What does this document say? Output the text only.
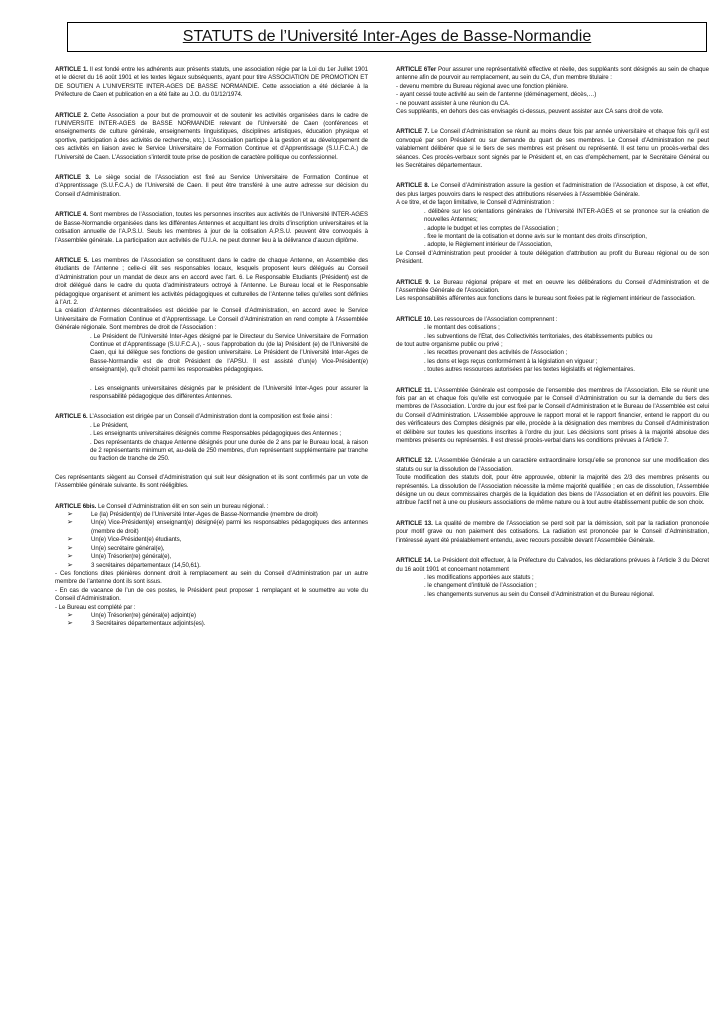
STATUTS de l’Université Inter-Ages de Basse-Normandie

ARTICLE 1. Il est fondé entre les adhérents aux présents statuts, une association régie par la Loi du 1er Juillet 1901 et le décret du 16 août 1901 et les textes légaux subséquents, ayant pour titre ASSOCIATION DE PROMOTION ET DE SOUTIEN A L’UNIVERSITE INTER-AGES DE BASSE NORMANDIE. Cette association a été déclarée à la Préfecture de Caen et publication en a été faite au J.O. du 01/12/1974.

ARTICLE 2. Cette Association a pour but de promouvoir et de soutenir les activités organisées dans le cadre de l’UNIVERSITE INTER-AGES de BASSE NORMANDIE relevant de l’Université de Caen (conférences et enseignements de culture générale, enseignements linguistiques, disciplines artistiques, éducation physique et sportive, participation à des activités de recherche, etc.). L’Association participe à la gestion et au développement de ces activités en liaison avec le Service Universitaire de Formation Continue et d’Apprentissage (S.U.F.C.A.) de l’Université de Caen. L’Association s’interdit toute prise de position de caractère politique ou confessionnel.

ARTICLE 3. Le siège social de l’Association est fixé au Service Universitaire de Formation Continue et d’Apprentissage (S.U.F.C.A.) de l’Université de Caen. Il peut être transféré à une autre adresse sur décision du Conseil d’Administration.

ARTICLE 4. Sont membres de l’Association, toutes les personnes inscrites aux activités de l’Université INTER-AGES de Basse-Normandie organisées dans les différentes Antennes et acquittant les droits d’inscription universitaires et la cotisation annuelle de l’A.P.S.U. Seuls les membres à jour de la cotisation A.P.S.U. peuvent être convoqués à l’Assemblée générale. La participation aux activités de l’U.I.A. ne peut donner lieu à la délivrance d’aucun diplôme.

ARTICLE 5. Les membres de l’Association se constituent dans le cadre de chaque Antenne, en Assemblée des étudiants de l’Antenne ; celle-ci élit ses responsables locaux, lesquels proposent leurs délégués au Conseil d’Administration pour un mandat de deux ans en accord avec l’art. 6. Le Responsable Etudiants (Président) est de droit délégué dans le cadre du quota d’administrateurs octroyé à l’Antenne. Le Bureau local et le Responsable pédagogique organisent et animent les activités pédagogiques et culturelles de l’Antenne telles qu’elles sont définies à l’Art. 2.

La création d’Antennes décentralisées est décidée par le Conseil d’Administration, en accord avec le Service Universitaire de Formation Continue et d’Apprentissage. Le Conseil d’Administration en rend compte à l’Assemblée Générale régionale. Sont membres de droit de l’Association :

. Le Président de l’Université Inter-Ages désigné par le Directeur du Service Universitaire de Formation Continue et d’Apprentissage (S.U.F.C.A.), - sous l’approbation du (de la) Président (e) de l’Université de Caen, qui lui délègue ses fonctions de gestion universitaire. Le Président de l’Université Inter-Ages de Basse-Normandie est de droit Président de l’APSU. Il est assisté d’un(e) Vice-Président(e) enseignant(e), qu’il choisit parmi les responsables pédagogiques.

. Les enseignants universitaires désignés par le président de l’Université Inter-Ages pour assurer la responsabilité pédagogique des différentes Antennes.

ARTICLE 6. L’Association est dirigée par un Conseil d’Administration dont la composition est fixée ainsi :

. Le Président,

. Les enseignants universitaires désignés comme Responsables pédagogiques des Antennes ;

. Des représentants de chaque Antenne désignés pour une durée de 2 ans par le Bureau local, à raison de 2 représentants minimum et, au-delà de 250 membres, d’un représentant supplémentaire par tranche ou fraction de tranche de 250.

Ces représentants siègent au Conseil d’Administration qui suit leur désignation et ils sont confirmés par un vote de l’Assemblée générale suivante. Ils sont rééligibles.

ARTICLE 6bis. Le Conseil d’Administration élit en son sein un bureau régional. :

➢	Le (la) Président(e) de l’Université Inter-Ages de Basse-Normandie (membre de droit)

➢	Un(e) Vice-Président(e) enseignant(e) désigné(e) parmi les responsables pédagogiques des antennes (membre de droit)

➢	Un(e) Vice-Président(e) étudiants,

➢	Un(e) secrétaire général(e),

➢	Un(e) Trésorier(re) général(e),

➢	3 secrétaires départementaux (14,50,61).

- Ces fonctions dites plénières donnent droit à remplacement au sein du Conseil d’Administration par un autre membre de l’antenne dont ils sont issus.

- En cas de vacance de l’un de ces postes, le Président peut proposer 1 remplaçant et le soumettre au vote du Conseil d’Administration.

- Le Bureau est complété par :

➢	Un(e) Trésorier(re) général(e) adjoint(e)

➢	3 Secrétaires départementaux adjoints(es).

ARTICLE 6Ter Pour assurer une représentativité effective et réelle, des suppléants sont désignés au sein de chaque antenne afin de pourvoir au remplacement, au sein du CA, d’un membre titulaire :

- devenu membre du Bureau régional avec une fonction plénière.

- ayant cessé toute activité au sein de l’antenne (déménagement, décès,…)

- ne pouvant assister à une réunion du CA.

Ces suppléants, en dehors des cas envisagés ci-dessus, peuvent assister aux CA sans droit de vote.

ARTICLE 7. Le Conseil d’Administration se réunit au moins deux fois par année universitaire et chaque fois qu’il est convoqué par son Président ou sur demande du quart de ses membres. Le Conseil d’Administration ne peut valablement délibérer que si le tiers de ses membres est présent ou représenté. Il est tenu un procès-verbal des séances. Ces procès-verbaux sont signés par le Président et, en cas d’empêchement, par le Secrétaire Général ou les Secrétaires départementaux.

ARTICLE 8. Le Conseil d’Administration assure la gestion et l’administration de l’Association et dispose, à cet effet, des plus larges pouvoirs dans le respect des attributions réservées à l’Assemblée Générale.

A ce titre, et de façon limitative, le Conseil d’Administration :

. délibère sur les orientations générales de l’Université INTER-AGES et se prononce sur la création de nouvelles Antennes;

. adopte le budget et les comptes de l’Association ;

. fixe le montant de la cotisation et donne avis sur le montant des droits d’inscription,

. adopte, le Règlement intérieur de l’Association,

Le Conseil d’Administration peut procéder à toute délégation d’attribution au profit du Bureau régional ou de son Président.

ARTICLE 9. Le Bureau régional prépare et met en oeuvre les délibérations du Conseil d’Administration et de l’Assemblée Générale de l’Association.

Les responsabilités afférentes aux fonctions dans le bureau sont fixées pat le règlement intérieur de l’association.

ARTICLE 10. Les ressources de l’Association comprennent :

. le montant des cotisations ;

. les subventions de l’Etat, des Collectivités territoriales, des établissements publics ou

de tout autre organisme public ou privé ;

. les recettes provenant des activités de l’Association ;

. les dons et legs reçus conformément à la législation en vigueur ;

. toutes autres ressources autorisées par les textes législatifs et réglementaires.

ARTICLE 11. L’Assemblée Générale est composée de l’ensemble des membres de l’Association. Elle se réunit une fois par an et chaque fois qu’elle est convoquée par le Conseil d’Administration ou sur la demande du tiers des membres de l’Association. L’ordre du jour est fixé par le Conseil d’Administration et le Bureau de l’Assemblée est celui du Conseil d’Administration. L’Assemblée approuve le rapport moral et le rapport financier, entend le rapport du ou des vérificateurs des Comptes désignés par elle, procède à la désignation des membres du Conseil d’Administration et délibère sur toutes les questions inscrites à l’ordre du jour. Les décisions sont prises à la majorité absolue des membres présents ou représentés. Il est dressé procès-verbal dans les conditions prévues à l’Article 7.

ARTICLE 12. L’Assemblée Générale a un caractère extraordinaire lorsqu’elle se prononce sur une modification des statuts ou sur la dissolution de l’Association.

Toute modification des statuts doit, pour être approuvée, obtenir la majorité des 2/3 des membres présents ou représentés. La dissolution de l’Association nécessite la même majorité qualifiée ; en cas de dissolution, l’Assemblée désigne un ou deux commissaires chargés de la liquidation des biens de l’Association et en définit les pouvoirs. Elle attribue l’actif net à une ou plusieurs associations de même nature ou à tout autre établissement public de son choix.

ARTICLE 13. La qualité de membre de l’Association se perd soit par la démission, soit par la radiation prononcée pour motif grave ou non paiement des cotisations. La radiation est prononcée par le Conseil d’Administration, l’intéressé ayant été préalablement entendu, avec recours possible devant l’Assemblée Générale.

ARTICLE 14. Le Président doit effectuer, à la Préfecture du Calvados, les déclarations prévues à l’Article 3 du Décret du 16 août 1901 et concernant notamment

. les modifications apportées aux statuts ;

. le changement d’intitulé de l’Association ;

. les changements survenus au sein du Conseil d’Administration et du Bureau régional.
